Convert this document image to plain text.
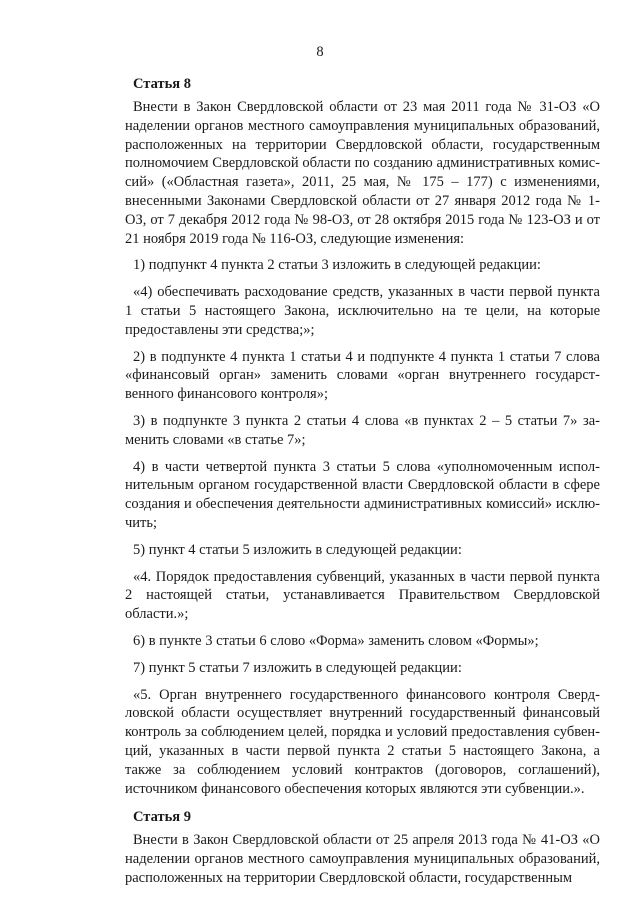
8
Статья 8

Внести в Закон Свердловской области от 23 мая 2011 года № 31-ОЗ «О наделении органов местного самоуправления муниципальных образований, расположенных на территории Свердловской области, государственным полномочием Свердловской области по созданию административных комиссий» («Областная газета», 2011, 25 мая, № 175 – 177) с изменениями, внесенными Законами Свердловской области от 27 января 2012 года № 1-ОЗ, от 7 декабря 2012 года № 98-ОЗ, от 28 октября 2015 года № 123-ОЗ и от 21 ноября 2019 года № 116-ОЗ, следующие изменения:

1) подпункт 4 пункта 2 статьи 3 изложить в следующей редакции:

«4) обеспечивать расходование средств, указанных в части первой пункта 1 статьи 5 настоящего Закона, исключительно на те цели, на которые предоставлены эти средства;»;

2) в подпункте 4 пункта 1 статьи 4 и подпункте 4 пункта 1 статьи 7 слова «финансовый орган» заменить словами «орган внутреннего государственного финансового контроля»;

3) в подпункте 3 пункта 2 статьи 4 слова «в пунктах 2 – 5 статьи 7» заменить словами «в статье 7»;

4) в части четвертой пункта 3 статьи 5 слова «уполномоченным исполнительным органом государственной власти Свердловской области в сфере создания и обеспечения деятельности административных комиссий» исключить;

5) пункт 4 статьи 5 изложить в следующей редакции:

«4. Порядок предоставления субвенций, указанных в части первой пункта 2 настоящей статьи, устанавливается Правительством Свердловской области.»;

6) в пункте 3 статьи 6 слово «Форма» заменить словом «Формы»;

7) пункт 5 статьи 7 изложить в следующей редакции:

«5. Орган внутреннего государственного финансового контроля Свердловской области осуществляет внутренний государственный финансовый контроль за соблюдением целей, порядка и условий предоставления субвенций, указанных в части первой пункта 2 статьи 5 настоящего Закона, а также за соблюдением условий контрактов (договоров, соглашений), источником финансового обеспечения которых являются эти субвенции.».

Статья 9

Внести в Закон Свердловской области от 25 апреля 2013 года № 41-ОЗ «О наделении органов местного самоуправления муниципальных образований, расположенных на территории Свердловской области, государственным
